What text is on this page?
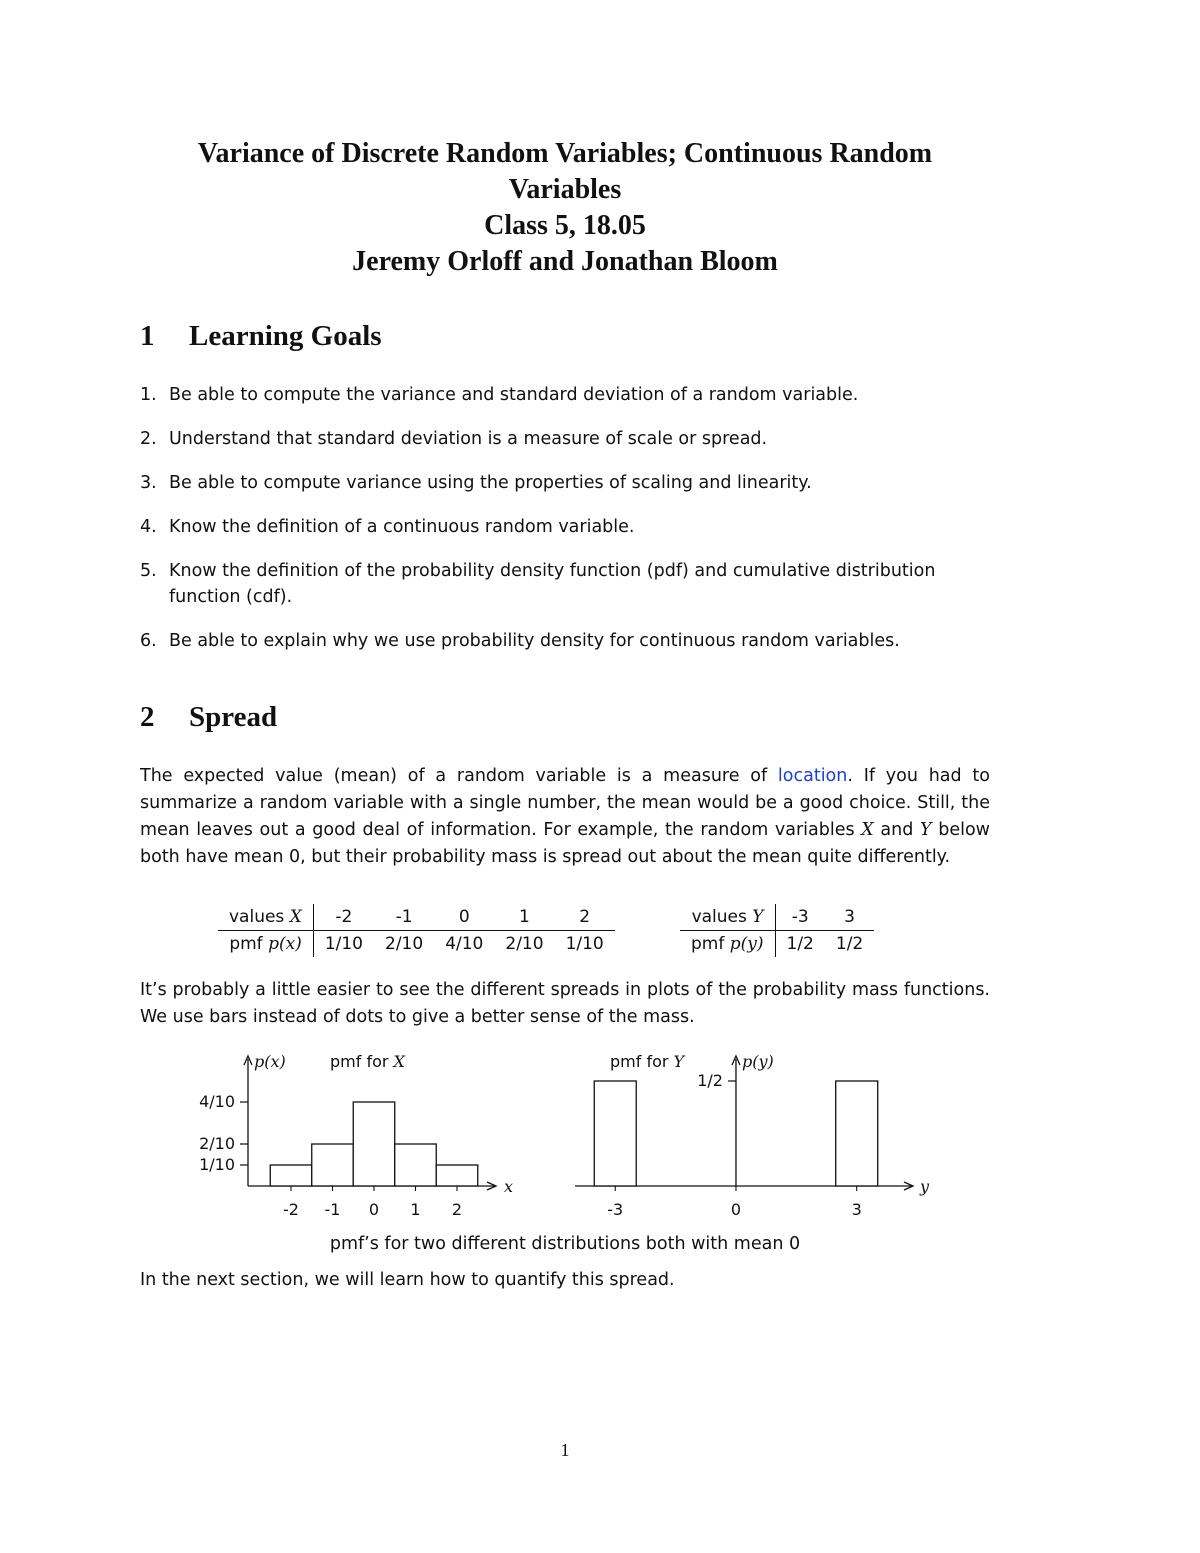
Variance of Discrete Random Variables; Continuous Random
Variables
Class 5, 18.05
Jeremy Orloff and Jonathan Bloom
1 Learning Goals
1. Be able to compute the variance and standard deviation of a random variable.
2. Understand that standard deviation is a measure of scale or spread.
3. Be able to compute variance using the properties of scaling and linearity.
4. Know the definition of a continuous random variable.
5. Know the definition of the probability density function (pdf) and cumulative distribution function (cdf).
6. Be able to explain why we use probability density for continuous random variables.
2 Spread
The expected value (mean) of a random variable is a measure of location. If you had to summarize a random variable with a single number, the mean would be a good choice. Still, the mean leaves out a good deal of information. For example, the random variables X and Y below both have mean 0, but their probability mass is spread out about the mean quite differently.
values X	-2	-1	0	1	2
pmf p(x)	1/10	2/10	4/10	2/10	1/10
values Y	-3	3
pmf p(y)	1/2	1/2
It’s probably a little easier to see the different spreads in plots of the probability mass functions. We use bars instead of dots to give a better sense of the mass.
-2 -1 0 1 2
1/10
2/10
4/10
p(x)
x
pmf for X
-3	0	3
1/2
p(y)
y
pmf for Y
pmf’s for two different distributions both with mean 0
In the next section, we will learn how to quantify this spread.
1
